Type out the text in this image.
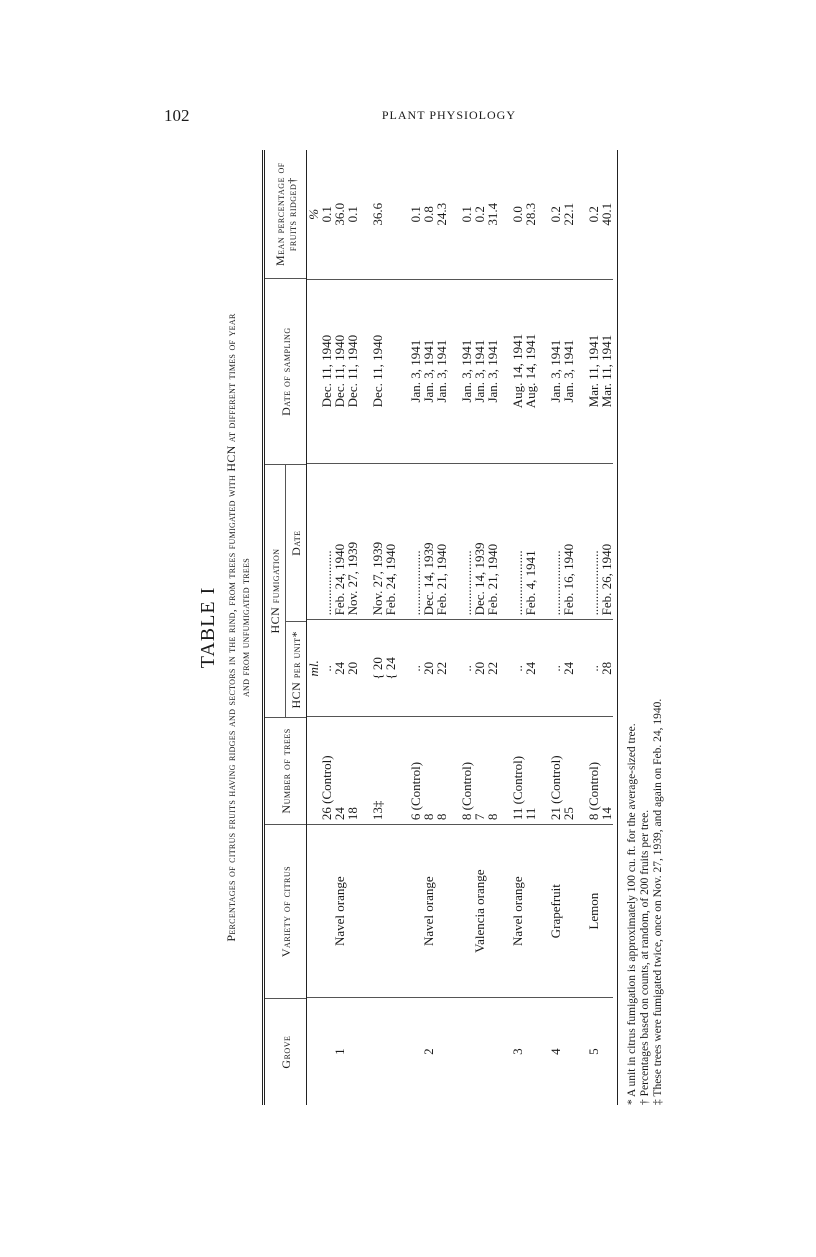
102	PLANT PHYSIOLOGY
TABLE I Percentages of citrus fruits having ridges and sectors in the rind, from trees fumigated with HCN at different times of year and from unfumigated trees
Grove	Variety of citrus	Number of trees	HCN fumigation		Date of sampling	Mean percentage of fruits ridged†
			HCN per unit*	Date		
			ml.			%
		26 (Control)	..	....................	Dec. 11, 1940	0.1
1	Navel orange	24	24	Feb. 24, 1940	Dec. 11, 1940	36.0
		18	20	Nov. 27, 1939	Dec. 11, 1940	0.1

		13‡	{ 20	Nov. 27, 1939	Dec. 11, 1940	36.6
			{ 24	Feb. 24, 1940		

		6 (Control)	..	....................	Jan. 3, 1941	0.1
2	Navel orange	8	20	Dec. 14, 1939	Jan. 3, 1941	0.8
		8	22	Feb. 21, 1940	Jan. 3, 1941	24.3

		8 (Control)	..	....................	Jan. 3, 1941	0.1
	Valencia orange	7	20	Dec. 14, 1939	Jan. 3, 1941	0.2
		8	22	Feb. 21, 1940	Jan. 3, 1941	31.4

3	Navel orange	11 (Control)	..	....................	Aug. 14, 1941	0.0
		11	24	Feb. 4, 1941	Aug. 14, 1941	28.3

4	Grapefruit	21 (Control)	..	....................	Jan. 3, 1941	0.2
		25	24	Feb. 16, 1940	Jan. 3, 1941	22.1

5	Lemon	8 (Control)	..	....................	Mar. 11, 1941	0.2
		14	28	Feb. 26, 1940	Mar. 11, 1941	40.1
* A unit in citrus fumigation is approximately 100 cu. ft. for the average-sized tree. † Percentages based on counts, at random, of 200 fruits per tree. ‡ These trees were fumigated twice, once on Nov. 27, 1939, and again on Feb. 24, 1940.
